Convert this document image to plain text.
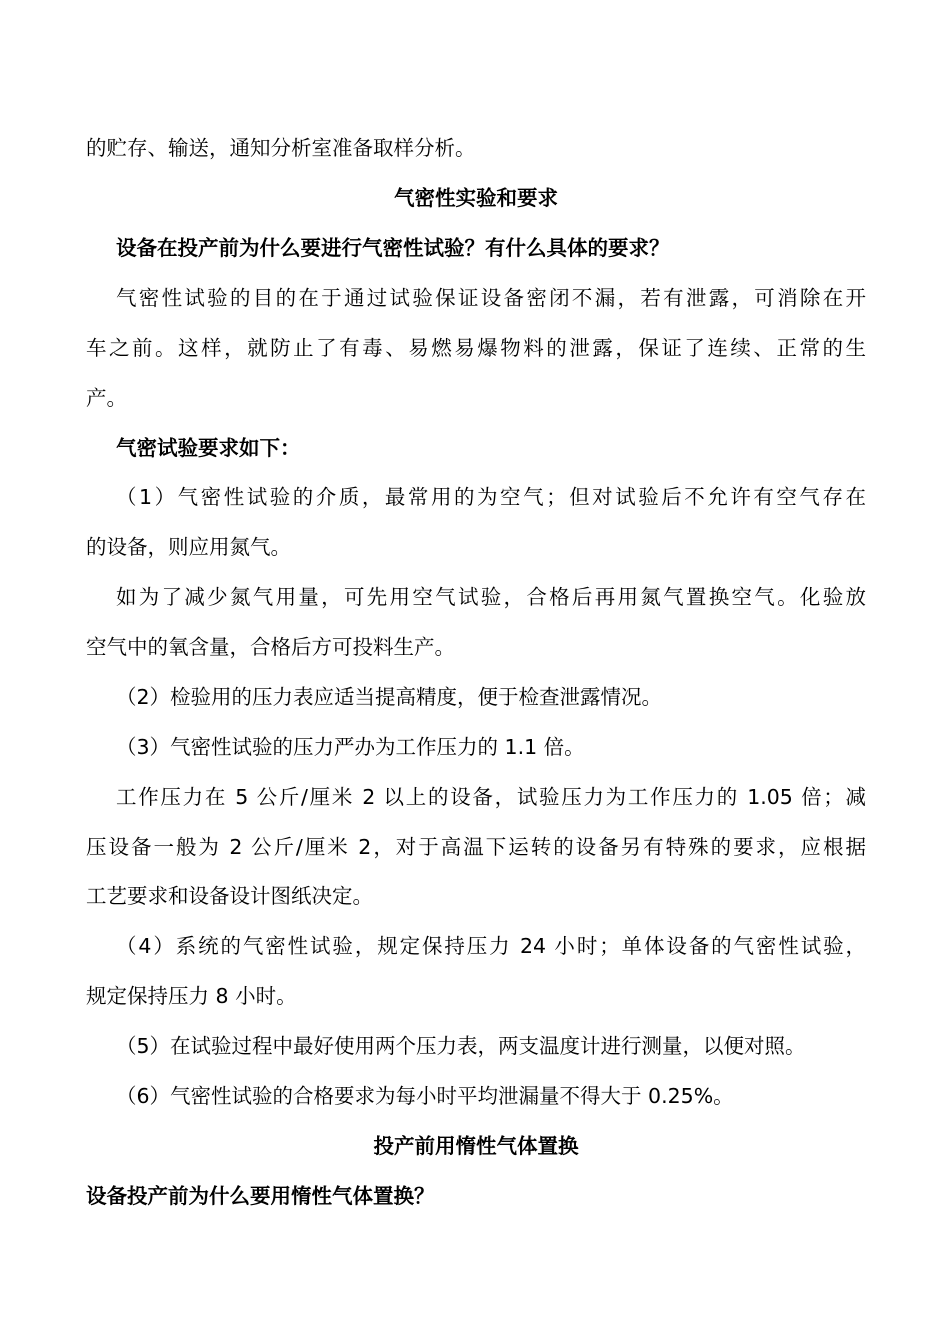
的贮存、输送，通知分析室准备取样分析。
气密性实验和要求
设备在投产前为什么要进行气密性试验？有什么具体的要求？
气密性试验的目的在于通过试验保证设备密闭不漏，若有泄露，可消除在开
车之前。这样，就防止了有毒、易燃易爆物料的泄露，保证了连续、正常的生
产。
气密试验要求如下：
（1）气密性试验的介质，最常用的为空气；但对试验后不允许有空气存在
的设备，则应用氮气。
如为了减少氮气用量，可先用空气试验，合格后再用氮气置换空气。化验放
空气中的氧含量，合格后方可投料生产。
（2）检验用的压力表应适当提高精度，便于检查泄露情况。
（3）气密性试验的压力严办为工作压力的 1.1 倍。
工作压力在 5 公斤/厘米 2 以上的设备，试验压力为工作压力的 1.05 倍；减
压设备一般为 2 公斤/厘米 2，对于高温下运转的设备另有特殊的要求，应根据
工艺要求和设备设计图纸决定。
（4）系统的气密性试验，规定保持压力 24 小时；单体设备的气密性试验，
规定保持压力 8 小时。
（5）在试验过程中最好使用两个压力表，两支温度计进行测量，以便对照。
（6）气密性试验的合格要求为每小时平均泄漏量不得大于 0.25%。
投产前用惰性气体置换
设备投产前为什么要用惰性气体置换？
